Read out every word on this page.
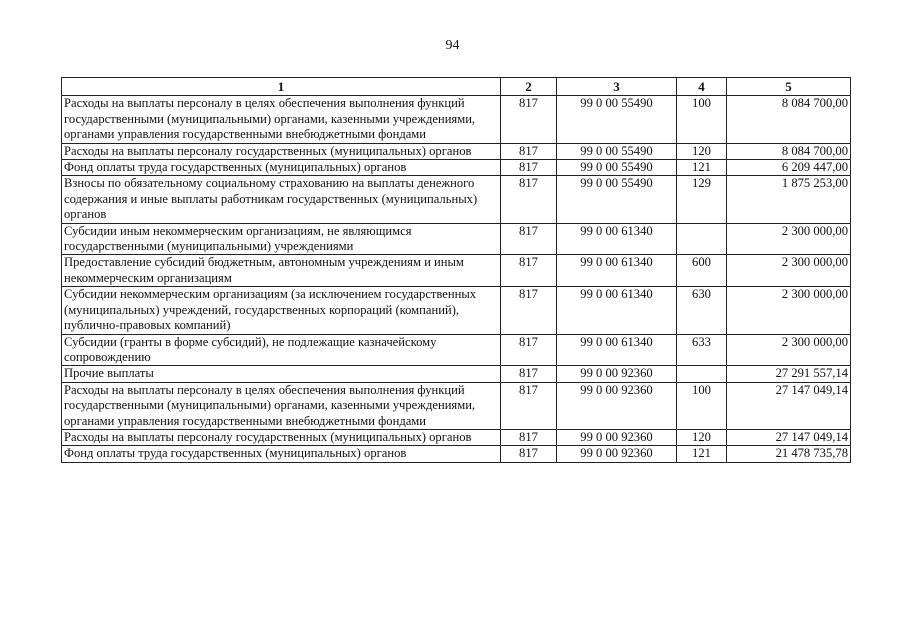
94
1	2	3	4	5
Расходы на выплаты персоналу в целях обеспечения выполнения функций государственными (муниципальными) органами, казенными учреждениями, органами управления государственными внебюджетными фондами	817	99 0 00 55490	100	8 084 700,00
Расходы на выплаты персоналу государственных (муниципальных) органов	817	99 0 00 55490	120	8 084 700,00
Фонд оплаты труда государственных (муниципальных) органов	817	99 0 00 55490	121	6 209 447,00
Взносы по обязательному социальному страхованию на выплаты денежного содержания и иные выплаты работникам государственных (муниципальных) органов	817	99 0 00 55490	129	1 875 253,00
Субсидии иным некоммерческим организациям, не являющимся государственными (муниципальными) учреждениями	817	99 0 00 61340		2 300 000,00
Предоставление субсидий бюджетным, автономным учреждениям и иным некоммерческим организациям	817	99 0 00 61340	600	2 300 000,00
Субсидии некоммерческим организациям (за исключением государственных (муниципальных) учреждений, государственных корпораций (компаний), публично-правовых компаний)	817	99 0 00 61340	630	2 300 000,00
Субсидии (гранты в форме субсидий), не подлежащие казначейскому сопровождению	817	99 0 00 61340	633	2 300 000,00
Прочие выплаты	817	99 0 00 92360		27 291 557,14
Расходы на выплаты персоналу в целях обеспечения выполнения функций государственными (муниципальными) органами, казенными учреждениями, органами управления государственными внебюджетными фондами	817	99 0 00 92360	100	27 147 049,14
Расходы на выплаты персоналу государственных (муниципальных) органов	817	99 0 00 92360	120	27 147 049,14
Фонд оплаты труда государственных (муниципальных) органов	817	99 0 00 92360	121	21 478 735,78
